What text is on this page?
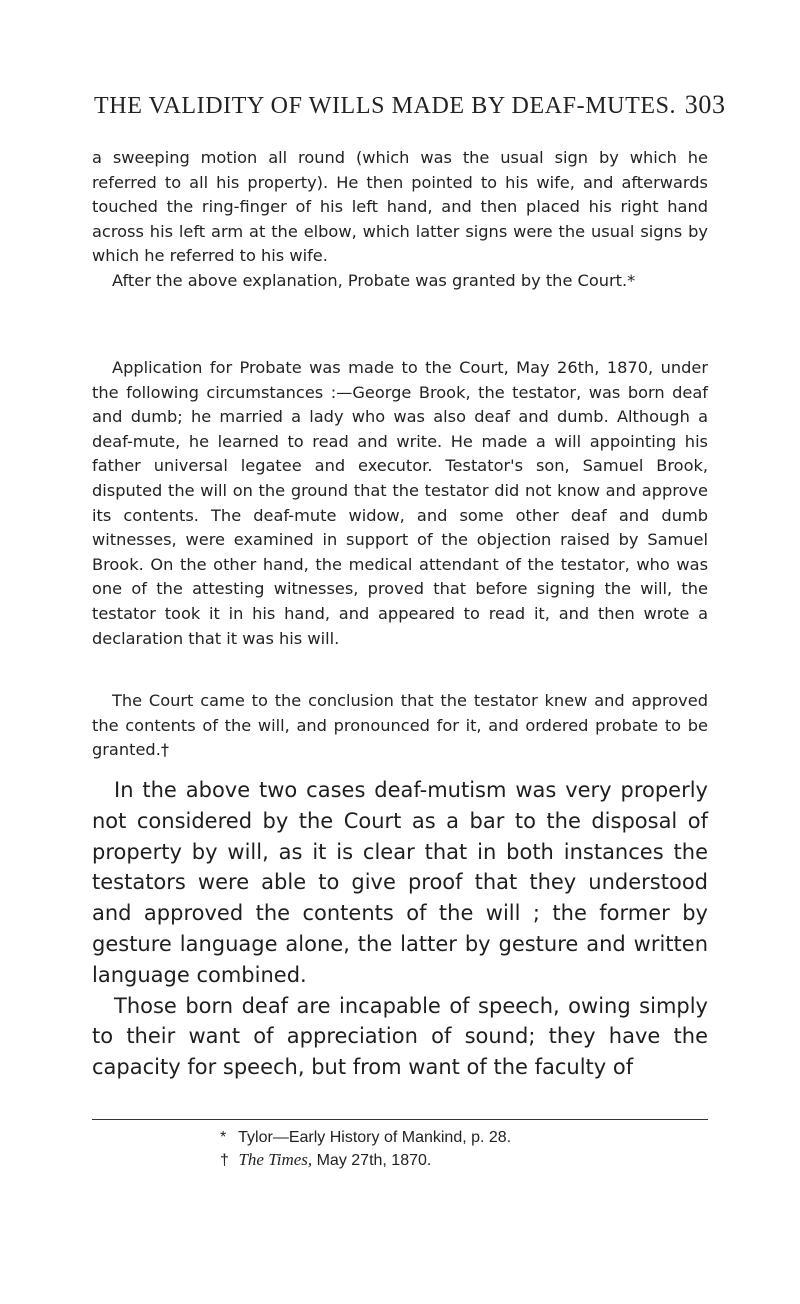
THE VALIDITY OF WILLS MADE BY DEAF-MUTES. 303

a sweeping motion all round (which was the usual sign by which he referred to all his property). He then pointed to his wife, and afterwards touched the ring-finger of his left hand, and then placed his right hand across his left arm at the elbow, which latter signs were the usual signs by which he referred to his wife.

After the above explanation, Probate was granted by the Court.*

Application for Probate was made to the Court, May 26th, 1870, under the following circumstances :—George Brook, the testator, was born deaf and dumb; he married a lady who was also deaf and dumb. Although a deaf-mute, he learned to read and write. He made a will appointing his father universal legatee and executor. Testator's son, Samuel Brook, disputed the will on the ground that the testator did not know and approve its contents. The deaf-mute widow, and some other deaf and dumb witnesses, were examined in support of the objection raised by Samuel Brook. On the other hand, the medical attendant of the testator, who was one of the attesting witnesses, proved that before signing the will, the testator took it in his hand, and appeared to read it, and then wrote a declaration that it was his will.

The Court came to the conclusion that the testator knew and approved the contents of the will, and pronounced for it, and ordered probate to be granted.†

In the above two cases deaf-mutism was very properly not considered by the Court as a bar to the disposal of property by will, as it is clear that in both instances the testators were able to give proof that they understood and approved the contents of the will ; the former by gesture language alone, the latter by gesture and written language combined.

Those born deaf are incapable of speech, owing simply to their want of appreciation of sound; they have the capacity for speech, but from want of the faculty of

* Tylor—Early History of Mankind, p. 28.
† The Times, May 27th, 1870.
